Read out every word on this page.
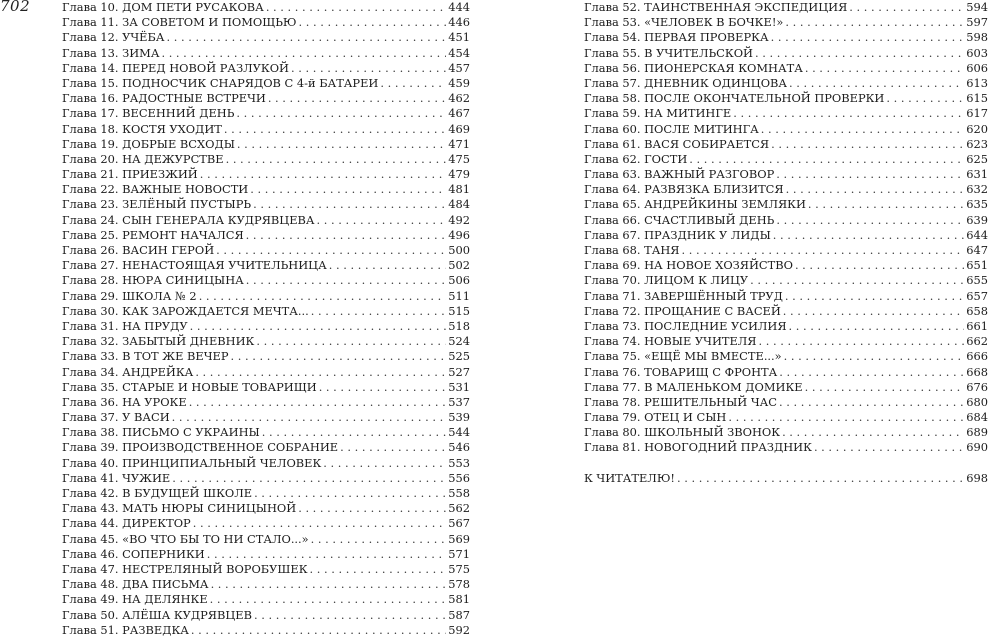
702	Глава 10. ДОМ ПЕТИ РУСАКОВА . . .	444
Глава 11. ЗА СОВЕТОМ И ПОМОЩЬЮ . . .	446
Глава 12. УЧЁБА . . .	451
Глава 13. ЗИМА . . .	454
Глава 14. ПЕРЕД НОВОЙ РАЗЛУКОЙ . . .	457
Глава 15. ПОДНОСЧИК СНАРЯДОВ С 4-й БАТАРЕИ . . .	459
Глава 16. РАДОСТНЫЕ ВСТРЕЧИ . . .	462
Глава 17. ВЕСЕННИЙ ДЕНЬ . . .	467
Глава 18. КОСТЯ УХОДИТ . . .	469
Глава 19. ДОБРЫЕ ВСХОДЫ . . .	471
Глава 20. НА ДЕЖУРСТВЕ . . .	475
Глава 21. ПРИЕЗЖИЙ . . .	479
Глава 22. ВАЖНЫЕ НОВОСТИ . . .	481
Глава 23. ЗЕЛЁНЫЙ ПУСТЫРЬ . . .	484
Глава 24. СЫН ГЕНЕРАЛА КУДРЯВЦЕВА . . .	492
Глава 25. РЕМОНТ НАЧАЛСЯ . . .	496
Глава 26. ВАСИН ГЕРОЙ . . .	500
Глава 27. НЕНАСТОЯЩАЯ УЧИТЕЛЬНИЦА . . .	502
Глава 28. НЮРА СИНИЦЫНА . . .	506
Глава 29. ШКОЛА № 2 . . .	511
Глава 30. КАК ЗАРОЖДАЕТСЯ МЕЧТА... . . .	515
Глава 31. НА ПРУДУ . . .	518
Глава 32. ЗАБЫТЫЙ ДНЕВНИК . . .	524
Глава 33. В ТОТ ЖЕ ВЕЧЕР . . .	525
Глава 34. АНДРЕЙКА . . .	527
Глава 35. СТАРЫЕ И НОВЫЕ ТОВАРИЩИ . . .	531
Глава 36. НА УРОКЕ . . .	537
Глава 37. У ВАСИ . . .	539
Глава 38. ПИСЬМО С УКРАИНЫ . . .	544
Глава 39. ПРОИЗВОДСТВЕННОЕ СОБРАНИЕ . . .	546
Глава 40. ПРИНЦИПИАЛЬНЫЙ ЧЕЛОВЕК . . .	553
Глава 41. ЧУЖИЕ . . .	556
Глава 42. В БУДУЩЕЙ ШКОЛЕ . . .	558
Глава 43. МАТЬ НЮРЫ СИНИЦЫНОЙ . . .	562
Глава 44. ДИРЕКТОР . . .	567
Глава 45. «ВО ЧТО БЫ ТО НИ СТАЛО...» . . .	569
Глава 46. СОПЕРНИКИ . . .	571
Глава 47. НЕСТРЕЛЯНЫЙ ВОРОБУШЕК . . .	575
Глава 48. ДВА ПИСЬМА . . .	578
Глава 49. НА ДЕЛЯНКЕ . . .	581
Глава 50. АЛЁША КУДРЯВЦЕВ . . .	587
Глава 51. РАЗВЕДКА . . .	592
Глава 52. ТАИНСТВЕННАЯ ЭКСПЕДИЦИЯ . . .	594
Глава 53. «ЧЕЛОВЕК В БОЧКЕ!» . . .	597
Глава 54. ПЕРВАЯ ПРОВЕРКА . . .	598
Глава 55. В УЧИТЕЛЬСКОЙ . . .	603
Глава 56. ПИОНЕРСКАЯ КОМНАТА . . .	606
Глава 57. ДНЕВНИК ОДИНЦОВА . . .	613
Глава 58. ПОСЛЕ ОКОНЧАТЕЛЬНОЙ ПРОВЕРКИ . . .	615
Глава 59. НА МИТИНГЕ . . .	617
Глава 60. ПОСЛЕ МИТИНГА . . .	620
Глава 61. ВАСЯ СОБИРАЕТСЯ . . .	623
Глава 62. ГОСТИ . . .	625
Глава 63. ВАЖНЫЙ РАЗГОВОР . . .	631
Глава 64. РАЗВЯЗКА БЛИЗИТСЯ . . .	632
Глава 65. АНДРЕЙКИНЫ ЗЕМЛЯКИ . . .	635
Глава 66. СЧАСТЛИВЫЙ ДЕНЬ . . .	639
Глава 67. ПРАЗДНИК У ЛИДЫ . . .	644
Глава 68. ТАНЯ . . .	647
Глава 69. НА НОВОЕ ХОЗЯЙСТВО . . .	651
Глава 70. ЛИЦОМ К ЛИЦУ . . .	655
Глава 71. ЗАВЕРШЁННЫЙ ТРУД . . .	657
Глава 72. ПРОЩАНИЕ С ВАСЕЙ . . .	658
Глава 73. ПОСЛЕДНИЕ УСИЛИЯ . . .	661
Глава 74. НОВЫЕ УЧИТЕЛЯ . . .	662
Глава 75. «ЕЩЁ МЫ ВМЕСТЕ...» . . .	666
Глава 76. ТОВАРИЩ С ФРОНТА . . .	668
Глава 77. В МАЛЕНЬКОМ ДОМИКЕ . . .	676
Глава 78. РЕШИТЕЛЬНЫЙ ЧАС . . .	680
Глава 79. ОТЕЦ И СЫН . . .	684
Глава 80. ШКОЛЬНЫЙ ЗВОНОК . . .	689
Глава 81. НОВОГОДНИЙ ПРАЗДНИК . . .	690
К ЧИТАТЕЛЮ! . . .	698
